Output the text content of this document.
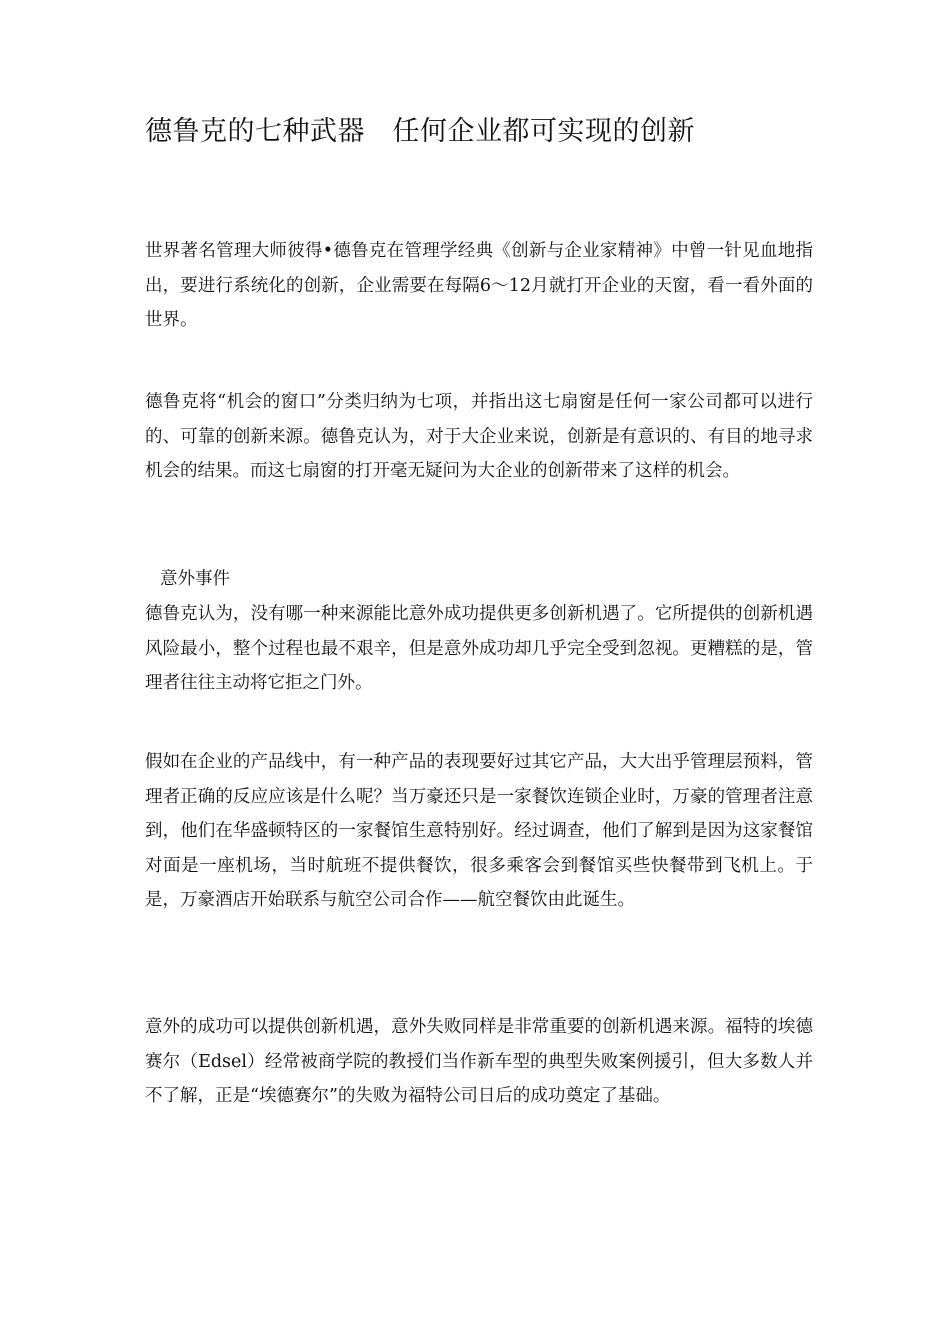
德鲁克的七种武器　任何企业都可实现的创新

世界著名管理大师彼得•德鲁克在管理学经典《创新与企业家精神》中曾一针见血地指出，要进行系统化的创新，企业需要在每隔6～12月就打开企业的天窗，看一看外面的世界。

德鲁克将“机会的窗口”分类归纳为七项，并指出这七扇窗是任何一家公司都可以进行的、可靠的创新来源。德鲁克认为，对于大企业来说，创新是有意识的、有目的地寻求机会的结果。而这七扇窗的打开毫无疑问为大企业的创新带来了这样的机会。

意外事件

德鲁克认为，没有哪一种来源能比意外成功提供更多创新机遇了。它所提供的创新机遇风险最小，整个过程也最不艰辛，但是意外成功却几乎完全受到忽视。更糟糕的是，管理者往往主动将它拒之门外。

假如在企业的产品线中，有一种产品的表现要好过其它产品，大大出乎管理层预料，管理者正确的反应应该是什么呢？当万豪还只是一家餐饮连锁企业时，万豪的管理者注意到，他们在华盛顿特区的一家餐馆生意特别好。经过调查，他们了解到是因为这家餐馆对面是一座机场，当时航班不提供餐饮，很多乘客会到餐馆买些快餐带到飞机上。于是，万豪酒店开始联系与航空公司合作——航空餐饮由此诞生。

意外的成功可以提供创新机遇，意外失败同样是非常重要的创新机遇来源。福特的埃德赛尔（Edsel）经常被商学院的教授们当作新车型的典型失败案例援引，但大多数人并不了解，正是“埃德赛尔”的失败为福特公司日后的成功奠定了基础。
